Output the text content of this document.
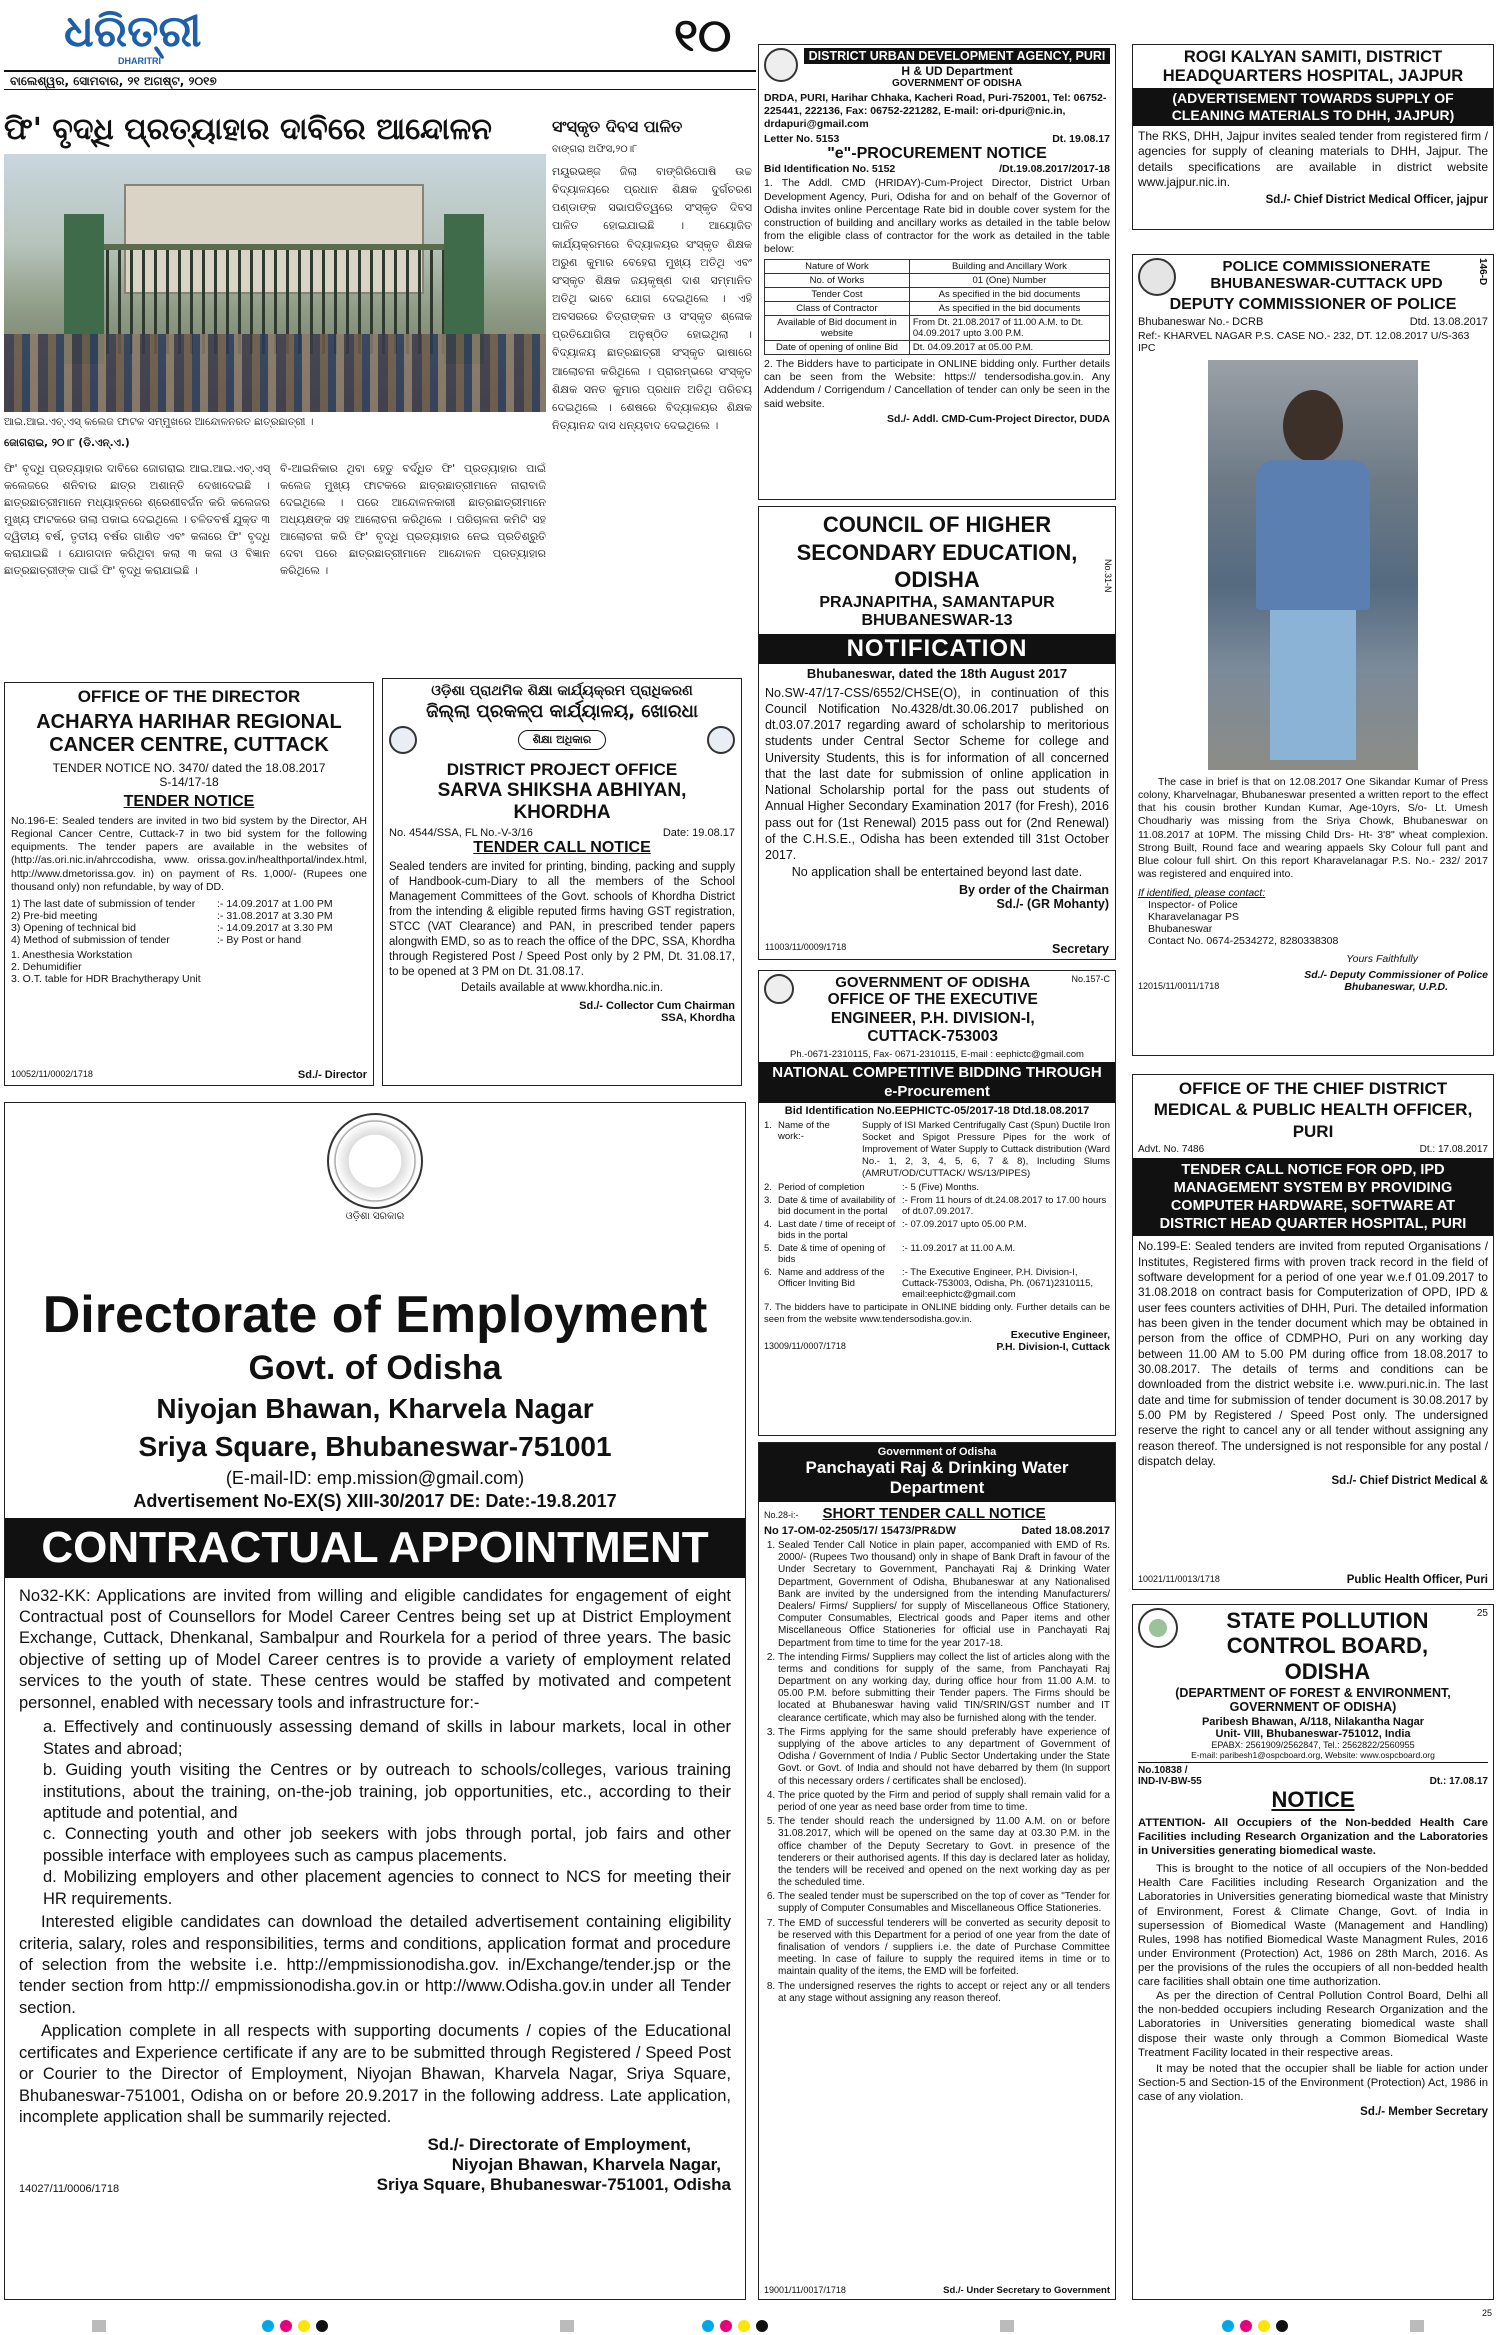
ଧରିତ୍ରୀ
DHARITRI	୧୦
ବାଲେଶ୍ୱର, ସୋମବାର, ୨୧ ଅଗଷ୍ଟ, ୨୦୧୭
ଫି' ବୃଦ୍ଧି ପ୍ରତ୍ୟାହାର ଦାବିରେ ଆନ୍ଦୋଳନ
ଆଇ.ଆଇ.ଏଚ୍.ଏସ୍ କଲେଜ ଫାଟକ ସମ୍ମୁଖରେ ଆନ୍ଦୋଳନରତ ଛାତ୍ରଛାତ୍ରୀ ।
ଜୋଗରାଇ, ୨୦।୮ (ଡି.ଏନ୍.ଏ.)
ଫି' ବୃଦ୍ଧି ପ୍ରତ୍ୟାହାର ଦାବିରେ ଜୋଗରାଇ ଆଇ.ଆଇ.ଏଚ୍.ଏସ୍ କଲେଜରେ ଶନିବାର ଛାତ୍ର ଅଶାନ୍ତି ଦେଖାଦେଇଛି । ଛାତ୍ରଛାତ୍ରୀମାନେ ମଧ୍ୟାହ୍ନରେ ଶ୍ରେଣୀବର୍ଜନ କରି କଲେଜର ମୁଖ୍ୟ ଫାଟକରେ ତାଲା ପକାଇ ଦେଇଥିଲେ । ଚଳିତବର୍ଷ ଯୁକ୍ତ ୩ ଦ୍ୱିତୀୟ ବର୍ଷ, ତୃତୀୟ ବର୍ଷର ଗାଣିତ ଏବଂ କଳାରେ ଫି' ବୃଦ୍ଧି କରାଯାଇଛି । ଯୋଗଦାନ କରିଥିବା କଲା ୩ କଳା ଓ ବିଜ୍ଞାନ ଛାତ୍ରଛାତ୍ରୀଙ୍କ ପାଇଁ ଫି' ବୃଦ୍ଧି କରାଯାଇଛି ।
ବି-ଆଇନିକାର ଥିବା ହେତୁ ବର୍ଦ୍ଧିତ ଫି' ପ୍ରତ୍ୟାହାର ପାଇଁ କଲେଜ ମୁଖ୍ୟ ଫାଟକରେ ଛାତ୍ରଛାତ୍ରୀମାନେ ନାରାବାଜି ଦେଇଥିଲେ । ପରେ ଆନ୍ଦୋଳନକାରୀ ଛାତ୍ରଛାତ୍ରୀମାନେ ଅଧ୍ୟକ୍ଷଙ୍କ ସହ ଆଲୋଚନା କରିଥିଲେ । ପରିଚାଳନା କମିଟି ସହ ଆଲୋଚନା କରି ଫି' ବୃଦ୍ଧି ପ୍ରତ୍ୟାହାର ନେଇ ପ୍ରତିଶ୍ରୁତି ଦେବା ପରେ ଛାତ୍ରଛାତ୍ରୀମାନେ ଆନ୍ଦୋଳନ ପ୍ରତ୍ୟାହାର କରିଥିଲେ ।
ସଂସ୍କୃତ ଦିବସ ପାଳିତ
ବାଙ୍ଗରା ଅଫିସ,୨୦।୮
ମୟୂରଭଞ୍ଜ ଜିଲା ବାଙ୍ଗିରିପୋଷି ଉଚ୍ଚ ବିଦ୍ୟାଳୟରେ ପ୍ରଧାନ ଶିକ୍ଷକ ଦୁର୍ଗଚରଣ ପଣ୍ଡାଙ୍କ ସଭାପତିତ୍ୱରେ ସଂସ୍କୃତ ଦିବସ ପାଳିତ ହୋଇଯାଇଛି । ଆୟୋଜିତ କାର୍ଯ୍ୟକ୍ରମରେ ବିଦ୍ୟାଳୟର ସଂସ୍କୃତ ଶିକ୍ଷକ ଅରୁଣ କୁମାର ବେହେରା ମୁଖ୍ୟ ଅତିଥି ଏବଂ ସଂସ୍କୃତ ଶିକ୍ଷକ ଜୟକୃଷ୍ଣ ଦାଶ ସମ୍ମାନିତ ଅତିଥି ଭାବେ ଯୋଗ ଦେଇଥିଲେ । ଏହି ଅବସରରେ ଚିତ୍ରାଙ୍କନ ଓ ସଂସ୍କୃତ ଶ୍ଳୋକ ପ୍ରତିଯୋଗିତା ଅନୁଷ୍ଠିତ ହୋଇଥିଲା । ବିଦ୍ୟାଳୟ ଛାତ୍ରଛାତ୍ରୀ ସଂସ୍କୃତ ଭାଷାରେ ଆଲୋଚନା କରିଥିଲେ । ପ୍ରାରମ୍ଭରେ ସଂସ୍କୃତ ଶିକ୍ଷକ ସନତ କୁମାର ପ୍ରଧାନ ଅତିଥି ପରିଚୟ ଦେଇଥିଲେ । ଶେଷରେ ବିଦ୍ୟାଳୟର ଶିକ୍ଷକ ନିତ୍ୟାନନ୍ଦ ଦାସ ଧନ୍ୟବାଦ ଦେଇଥିଲେ ।
OFFICE OF THE DIRECTOR
ACHARYA HARIHAR REGIONAL CANCER CENTRE, CUTTACK
TENDER NOTICE NO. 3470/ dated the 18.08.2017
S-14/17-18
TENDER NOTICE
No.196-E: Sealed tenders are invited in two bid system by the Director, AH Regional Cancer Centre, Cuttack-7 in two bid system for the following equipments. The tender papers are available in the websites of (http://as.ori.nic.in/ahrccodisha, www. orissa.gov.in/healthportal/index.html, http://www.dmetorissa.gov. in) on payment of Rs. 1,000/- (Rupees one thousand only) non refundable, by way of DD.
1) The last date of submission of tender	:- 14.09.2017 at 1.00 PM
2) Pre-bid meeting	:- 31.08.2017 at 3.30 PM
3) Opening of technical bid	:- 14.09.2017 at 3.30 PM
4) Method of submission of tender	:- By Post or hand
1. Anesthesia Workstation
2. Dehumidifier
3. O.T. table for HDR Brachytherapy Unit
10052/11/0002/1718	Sd./- Director
ଓଡ଼ିଶା ପ୍ରାଥମିକ ଶିକ୍ଷା କାର୍ଯ୍ୟକ୍ରମ ପ୍ରାଧିକରଣ
ଜିଲ୍ଲା ପ୍ରକଳ୍ପ କାର୍ଯ୍ୟାଳୟ, ଖୋରଧା
ଶିକ୍ଷା ଅଧିକାର
DISTRICT PROJECT OFFICE
SARVA SHIKSHA ABHIYAN, KHORDHA
No. 4544/SSA, FL No.-V-3/16	Date: 19.08.17
TENDER CALL NOTICE
Sealed tenders are invited for printing, binding, packing and supply of Handbook-cum-Diary to all the members of the School Management Committees of the Govt. schools of Khordha District from the intending & eligible reputed firms having GST registration, STCC (VAT Clearance) and PAN, in prescribed tender papers alongwith EMD, so as to reach the office of the DPC, SSA, Khordha through Registered Post / Speed Post only by 2 PM, Dt. 31.08.17, to be opened at 3 PM on Dt. 31.08.17.
Details available at www.khordha.nic.in.
Sd./- Collector Cum Chairman
SSA, Khordha
ଓଡ଼ିଶା ସରକାର
Directorate of Employment
Govt. of Odisha
Niyojan Bhawan, Kharvela Nagar
Sriya Square, Bhubaneswar-751001
(E-mail-ID: emp.mission@gmail.com)
Advertisement No-EX(S) XIII-30/2017 DE: Date:-19.8.2017
CONTRACTUAL APPOINTMENT
No32-KK: Applications are invited from willing and eligible candidates for engagement of eight Contractual post of Counsellors for Model Career Centres being set up at District Employment Exchange, Cuttack, Dhenkanal, Sambalpur and Rourkela for a period of three years. The basic objective of setting up of Model Career centres is to provide a variety of employment related services to the youth of state. These centres would be staffed by motivated and competent personnel, enabled with necessary tools and infrastructure for:-
a. Effectively and continuously assessing demand of skills in labour markets, local in other States and abroad;
b. Guiding youth visiting the Centres or by outreach to schools/colleges, various training institutions, about the training, on-the-job training, job opportunities, etc., according to their aptitude and potential, and
c. Connecting youth and other job seekers with jobs through portal, job fairs and other possible interface with employees such as campus placements.
d. Mobilizing employers and other placement agencies to connect to NCS for meeting their HR requirements.
Interested eligible candidates can download the detailed advertisement containing eligibility criteria, salary, roles and responsibilities, terms and conditions, application format and procedure of selection from the website i.e. http://empmissionodisha.gov. in/Exchange/tender.jsp or the tender section from http:// empmissionodisha.gov.in or http://www.Odisha.gov.in under all Tender section.
Application complete in all respects with supporting documents / copies of the Educational certificates and Experience certificate if any are to be submitted through Registered / Speed Post or Courier to the Director of Employment, Niyojan Bhawan, Kharvela Nagar, Sriya Square, Bhubaneswar-751001, Odisha on or before 20.9.2017 in the following address. Late application, incomplete application shall be summarily rejected.
Sd./- Directorate of Employment,
Niyojan Bhawan, Kharvela Nagar,
14027/11/0006/1718	Sriya Square, Bhubaneswar-751001, Odisha
DISTRICT URBAN DEVELOPMENT AGENCY, PURI
H & UD Department
GOVERNMENT OF ODISHA
DRDA, PURI, Harihar Chhaka, Kacheri Road, Puri-752001, Tel: 06752-225441, 222136, Fax: 06752-221282, E-mail: ori-dpuri@nic.in, drdapuri@gmail.com
Letter No. 5153	Dt. 19.08.17
"e"-PROCUREMENT NOTICE
Bid Identification No. 5152	/Dt.19.08.2017/2017-18
1. The Addl. CMD (HRIDAY)-Cum-Project Director, District Urban Development Agency, Puri, Odisha for and on behalf of the Governor of Odisha invites online Percentage Rate bid in double cover system for the construction of building and ancillary works as detailed in the table below from the eligible class of contractor for the work as detailed in the table below:
Nature of Work	Building and Ancillary Work
No. of Works	01 (One) Number
Tender Cost	As specified in the bid documents
Class of Contractor	As specified in the bid documents
Available of Bid document in website	From Dt. 21.08.2017 of 11.00 A.M. to Dt. 04.09.2017 upto 3.00 P.M.
Date of opening of online Bid	Dt. 04.09.2017 at 05.00 P.M.
2. The Bidders have to participate in ONLINE bidding only. Further details can be seen from the Website: https:// tendersodisha.gov.in. Any Addendum / Corrigendum / Cancellation of tender can only be seen in the said website.
Sd./- Addl. CMD-Cum-Project Director, DUDA
COUNCIL OF HIGHER SECONDARY EDUCATION, ODISHA
PRAJNAPITHA, SAMANTAPUR
BHUBANESWAR-13
No.31-N
NOTIFICATION
Bhubaneswar, dated the 18th August 2017
No.SW-47/17-CSS/6552/CHSE(O), in continuation of this Council Notification No.4328/dt.30.06.2017 published on dt.03.07.2017 regarding award of scholarship to meritorious students under Central Sector Scheme for college and University Students, this is for information of all concerned that the last date for submission of online application in National Scholarship portal for the pass out students of Annual Higher Secondary Examination 2017 (for Fresh), 2016 pass out for (1st Renewal) 2015 pass out for (2nd Renewal) of the C.H.S.E., Odisha has been extended till 31st October 2017.
No application shall be entertained beyond last date.
By order of the Chairman
Sd./- (GR Mohanty)
11003/11/0009/1718	Secretary
GOVERNMENT OF ODISHA
OFFICE OF THE EXECUTIVE ENGINEER, P.H. DIVISION-I, CUTTACK-753003
No.157-C
Ph.-0671-2310115, Fax- 0671-2310115, E-mail : eephictc@gmail.com
NATIONAL COMPETITIVE BIDDING THROUGH e-Procurement
Bid Identification No.EEPHICTC-05/2017-18 Dtd.18.08.2017
1. Name of the work:-
Supply of ISI Marked Centrifugally Cast (Spun) Ductile Iron Socket and Spigot Pressure Pipes for the work of Improvement of Water Supply to Cuttack distribution (Ward No.- 1, 2, 3, 4, 5, 6, 7 & 8), Including Slums (AMRUT/OD/CUTTACK/ WS/13/PIPES)
2. Period of completion	:- 5 (Five) Months.
3. Date & time of availability of bid document in the portal
:- From 11 hours of dt.24.08.2017 to 17.00 hours of dt.07.09.2017.
4. Last date / time of receipt of bids in the portal
:- 07.09.2017 upto 05.00 P.M.
5. Date & time of opening of bids
:- 11.09.2017 at 11.00 A.M.
6. Name and address of the Officer Inviting Bid
:- The Executive Engineer, P.H. Division-I, Cuttack-753003, Odisha, Ph. (0671)2310115, email:eephictc@gmail.com
7. The bidders have to participate in ONLINE bidding only. Further details can be seen from the website www.tendersodisha.gov.in.
Executive Engineer,
13009/11/0007/1718	P.H. Division-I, Cuttack
Government of Odisha
Panchayati Raj & Drinking Water Department
No.28-i:- SHORT TENDER CALL NOTICE
No 17-OM-02-2505/17/ 15473/PR&DW	Dated 18.08.2017
1. Sealed Tender Call Notice in plain paper, accompanied with EMD of Rs. 2000/- (Rupees Two thousand) only in shape of Bank Draft in favour of the Under Secretary to Government, Panchayati Raj & Drinking Water Department, Government of Odisha, Bhubaneswar at any Nationalised Bank are invited by the undersigned from the intending Manufacturers/ Dealers/ Firms/ Suppliers/ for supply of Miscellaneous Office Stationery, Computer Consumables, Electrical goods and Paper items and other Miscellaneous Office Stationeries for official use in Panchayati Raj Department from time to time for the year 2017-18.
2. The intending Firms/ Suppliers may collect the list of articles along with the terms and conditions for supply of the same, from Panchayati Raj Department on any working day, during office hour from 11.00 A.M. to 05.00 P.M. before submitting their Tender papers. The Firms should be located at Bhubaneswar having valid TIN/SRIN/GST number and IT clearance certificate, which may also be furnished along with the tender.
3. The Firms applying for the same should preferably have experience of supplying of the above articles to any department of Government of Odisha / Government of India / Public Sector Undertaking under the State Govt. or Govt. of India and should not have debarred by them (In support of this necessary orders / certificates shall be enclosed).
4. The price quoted by the Firm and period of supply shall remain valid for a period of one year as need base order from time to time.
5. The tender should reach the undersigned by 11.00 A.M. on or before 31.08.2017, which will be opened on the same day at 03.30 P.M. in the office chamber of the Deputy Secretary to Govt. in presence of the tenderers or their authorised agents. If this day is declared later as holiday, the tenders will be received and opened on the next working day as per the scheduled time.
6. The sealed tender must be superscribed on the top of cover as "Tender for supply of Computer Consumables and Miscellaneous Office Stationeries.
7. The EMD of successful tenderers will be converted as security deposit to be reserved with this Department for a period of one year from the date of finalisation of vendors / suppliers i.e. the date of Purchase Committee meeting. In case of failure to supply the required items in time or to maintain quality of the items, the EMD will be forfeited.
8. The undersigned reserves the rights to accept or reject any or all tenders at any stage without assigning any reason thereof.
19001/11/0017/1718	Sd./- Under Secretary to Government
ROGI KALYAN SAMITI, DISTRICT
HEADQUARTERS HOSPITAL, JAJPUR
(ADVERTISEMENT TOWARDS SUPPLY OF CLEANING MATERIALS TO DHH, JAJPUR)
The RKS, DHH, Jajpur invites sealed tender from registered firm / agencies for supply of cleaning materials to DHH, Jajpur. The details specifications are available in district website www.jajpur.nic.in.
Sd./- Chief District Medical Officer, jajpur
POLICE COMMISSIONERATE
BHUBANESWAR-CUTTACK UPD	146-D
DEPUTY COMMISSIONER OF POLICE
Bhubaneswar No.- DCRB	Dtd. 13.08.2017
Ref:- KHARVEL NAGAR P.S. CASE NO.- 232, DT. 12.08.2017 U/S-363 IPC
The case in brief is that on 12.08.2017 One Sikandar Kumar of Press colony, Kharvelnagar, Bhubaneswar presented a written report to the effect that his cousin brother Kundan Kumar, Age-10yrs, S/o- Lt. Umesh Choudhariy was missing from the Sriya Chowk, Bhubaneswar on 11.08.2017 at 10PM. The missing Child Drs- Ht- 3'8" wheat complexion. Strong Built, Round face and wearing appaels Sky Colour full pant and Blue colour full shirt. On this report Kharavelanagar P.S. No.- 232/ 2017 was registered and enquired into.
If identified, please contact:
Inspector- of Police
Kharavelanagar PS
Bhubaneswar
Contact No. 0674-2534272, 8280338308
Yours Faithfully
Sd./- Deputy Commissioner of Police
12015/11/0011/1718	Bhubaneswar, U.P.D.
OFFICE OF THE CHIEF DISTRICT MEDICAL & PUBLIC HEALTH OFFICER, PURI
Advt. No. 7486	Dt.: 17.08.2017
TENDER CALL NOTICE FOR OPD, IPD MANAGEMENT SYSTEM BY PROVIDING COMPUTER HARDWARE, SOFTWARE AT DISTRICT HEAD QUARTER HOSPITAL, PURI
No.199-E: Sealed tenders are invited from reputed Organisations / Institutes, Registered firms with proven track record in the field of software development for a period of one year w.e.f 01.09.2017 to 31.08.2018 on contract basis for Computerization of OPD, IPD & user fees counters activities of DHH, Puri. The detailed information has been given in the tender document which may be obtained in person from the office of CDMPHO, Puri on any working day between 11.00 AM to 5.00 PM during office from 18.08.2017 to 30.08.2017. The details of terms and conditions can be downloaded from the district website i.e. www.puri.nic.in. The last date and time for submission of tender document is 30.08.2017 by 5.00 PM by Registered / Speed Post only. The undersigned reserve the right to cancel any or all tender without assigning any reason thereof. The undersigned is not responsible for any postal / dispatch delay.
Sd./- Chief District Medical &
10021/11/0013/1718	Public Health Officer, Puri
STATE POLLUTION
CONTROL BOARD, ODISHA
25
(DEPARTMENT OF FOREST & ENVIRONMENT, GOVERNMENT OF ODISHA)
Paribesh Bhawan, A/118, Nilakantha Nagar
Unit- VIII, Bhubaneswar-751012, India
EPABX: 2561909/2562847, Tel.: 2562822/2560955
E-mail: paribesh1@ospcboard.org, Website: www.ospcboard.org
No.10838 /
IND-IV-BW-55	Dt.: 17.08.17
NOTICE
ATTENTION- All Occupiers of the Non-bedded Health Care Facilities including Research Organization and the Laboratories in Universities generating biomedical waste.
This is brought to the notice of all occupiers of the Non-bedded Health Care Facilities including Research Organization and the Laboratories in Universities generating biomedical waste that Ministry of Environment, Forest & Climate Change, Govt. of India in supersession of Biomedical Waste (Management and Handling) Rules, 1998 has notified Biomedical Waste Managment Rules, 2016 under Environment (Protection) Act, 1986 on 28th March, 2016. As per the provisions of the rules the occupiers of all non-bedded health care facilities shall obtain one time authorization.
As per the direction of Central Pollution Control Board, Delhi all the non-bedded occupiers including Research Organization and the Laboratories in Universities generating biomedical waste shall dispose their waste only through a Common Biomedical Waste Treatment Facility located in their respective areas.
It may be noted that the occupier shall be liable for action under Section-5 and Section-15 of the Environment (Protection) Act, 1986 in case of any violation.
Sd./- Member Secretary
25
